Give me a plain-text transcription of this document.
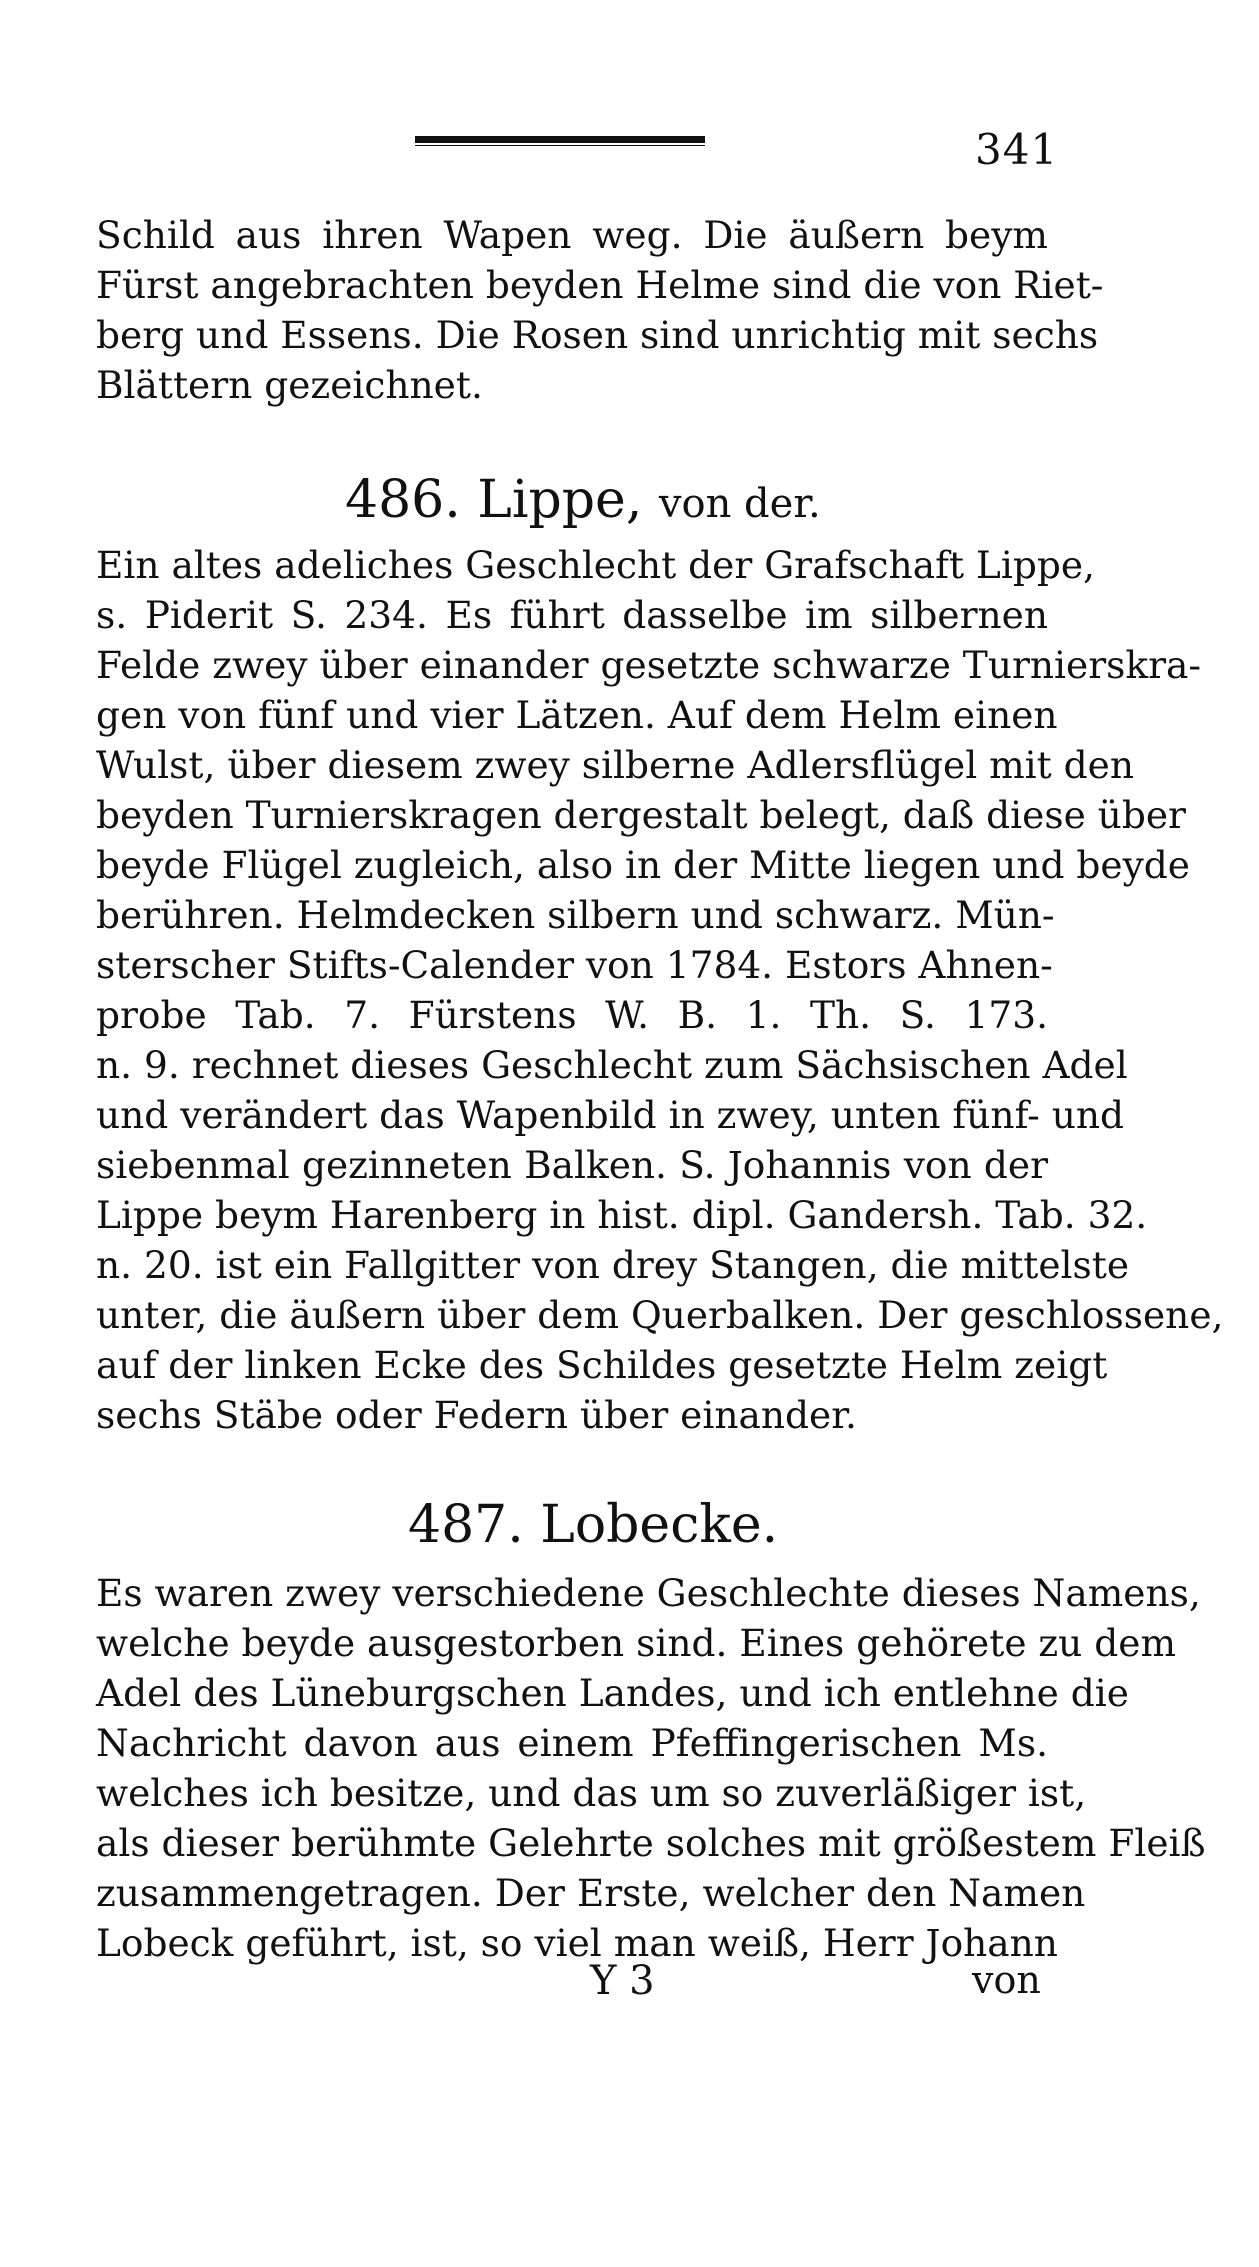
341
Schild aus ihren Wapen weg. Die äußern beym
Fürst angebrachten beyden Helme sind die von Riet-
berg und Essens. Die Rosen sind unrichtig mit sechs
Blättern gezeichnet.
486. Lippe, von der.
Ein altes adeliches Geschlecht der Grafschaft Lippe,
s. Piderit S. 234. Es führt dasselbe im silbernen
Felde zwey über einander gesetzte schwarze Turnierskra-
gen von fünf und vier Lätzen. Auf dem Helm einen
Wulst, über diesem zwey silberne Adlersflügel mit den
beyden Turnierskragen dergestalt belegt, daß diese über
beyde Flügel zugleich, also in der Mitte liegen und beyde
berühren. Helmdecken silbern und schwarz. Mün-
sterscher Stifts-Calender von 1784. Estors Ahnen-
probe Tab. 7. Fürstens W. B. 1. Th. S. 173.
n. 9. rechnet dieses Geschlecht zum Sächsischen Adel
und verändert das Wapenbild in zwey, unten fünf- und
siebenmal gezinneten Balken. S. Johannis von der
Lippe beym Harenberg in hist. dipl. Gandersh. Tab. 32.
n. 20. ist ein Fallgitter von drey Stangen, die mittelste
unter, die äußern über dem Querbalken. Der geschlossene,
auf der linken Ecke des Schildes gesetzte Helm zeigt
sechs Stäbe oder Federn über einander.
487. Lobecke.
Es waren zwey verschiedene Geschlechte dieses Namens,
welche beyde ausgestorben sind. Eines gehörete zu dem
Adel des Lüneburgschen Landes, und ich entlehne die
Nachricht davon aus einem Pfeffingerischen Ms.
welches ich besitze, und das um so zuverläßiger ist,
als dieser berühmte Gelehrte solches mit größestem Fleiß
zusammengetragen. Der Erste, welcher den Namen
Lobeck geführt, ist, so viel man weiß, Herr Johann
Y 3	von
